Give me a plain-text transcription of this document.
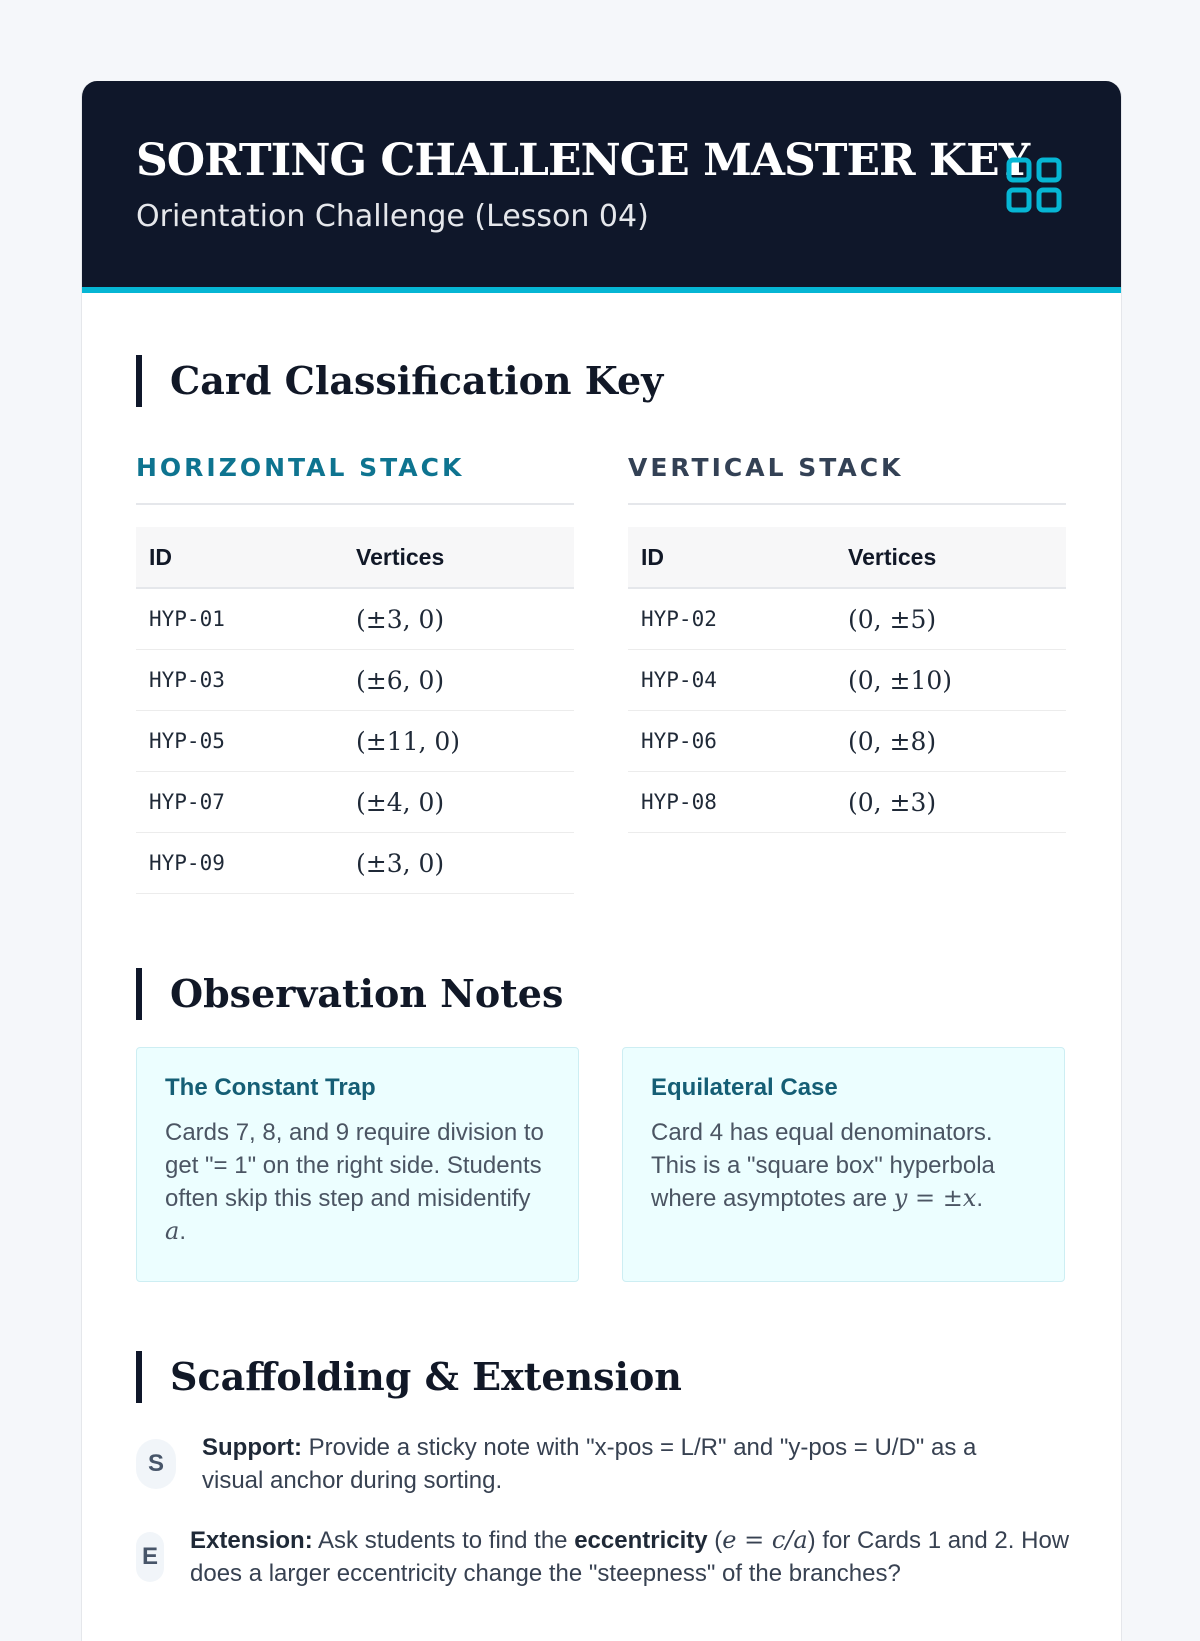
SORTING CHALLENGE MASTER KEY
Orientation Challenge (Lesson 04)
Card Classification Key
HORIZONTAL STACK	VERTICAL STACK
ID	Vertices
HYP-01	(±3, 0)
HYP-03	(±6, 0)
HYP-05	(±11, 0)
HYP-07	(±4, 0)
HYP-09	(±3, 0)
ID	Vertices
HYP-02	(0, ±5)
HYP-04	(0, ±10)
HYP-06	(0, ±8)
HYP-08	(0, ±3)
Observation Notes
The Constant Trap
Cards 7, 8, and 9 require division to get "= 1" on the right side. Students often skip this step and misidentify a.
Equilateral Case
Card 4 has equal denominators. This is a "square box" hyperbola where asymptotes are y = ±x.
Scaffolding & Extension
S
Support: Provide a sticky note with "x-pos = L/R" and "y-pos = U/D" as a visual anchor during sorting.
E
Extension: Ask students to find the eccentricity (e = c/a) for Cards 1 and 2. How does a larger eccentricity change the "steepness" of the branches?
